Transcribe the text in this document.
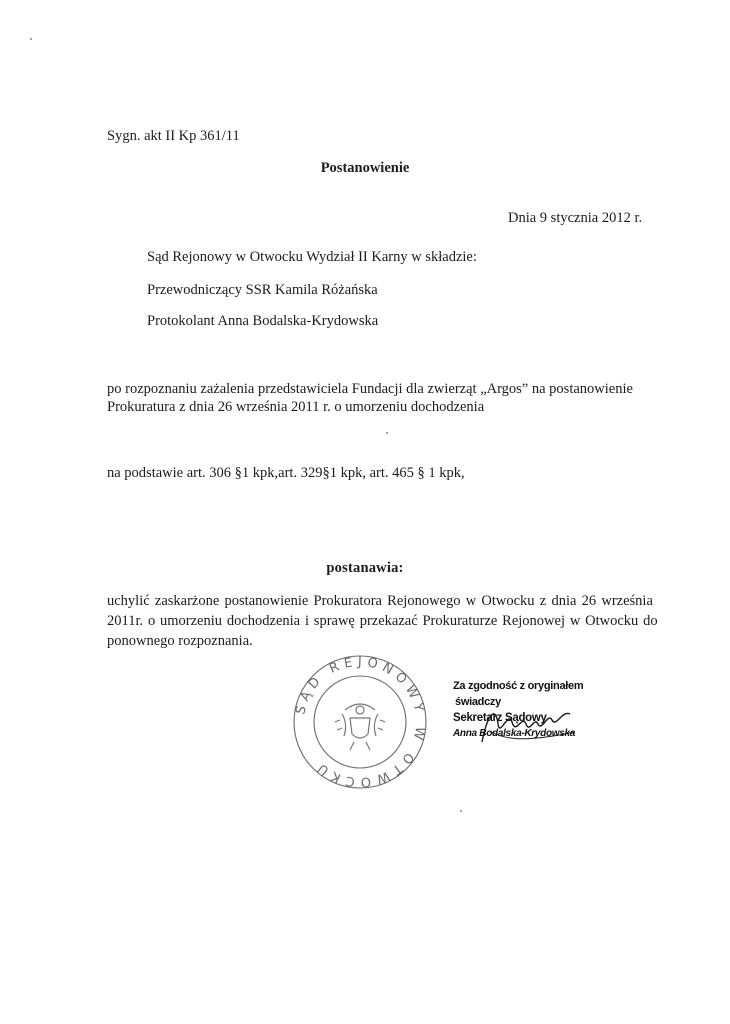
Sygn. akt II Kp 361/11
Postanowienie
Dnia 9 stycznia 2012 r.
Sąd Rejonowy w Otwocku Wydział II Karny w składzie:
Przewodniczący SSR Kamila Różańska
Protokolant Anna Bodalska-Krydowska
po rozpoznaniu zażalenia przedstawiciela Fundacji dla zwierząt „Argos” na postanowienie
Prokuratura z dnia 26 września 2011 r. o umorzeniu dochodzenia
na podstawie art. 306 §1 kpk,art. 329§1 kpk, art. 465 § 1 kpk,
postanawia:
uchylić zaskarżone postanowienie Prokuratora Rejonowego w Otwocku z dnia 26 września
2011r. o umorzeniu dochodzenia i sprawę przekazać Prokuraturze Rejonowej w Otwocku do
ponownego rozpoznania.
SĄD REJONOWY W OTWOCKU
Za zgodność z oryginałem
świadczy
Sekretarz Sądowy
Anna Bodalska-Krydowska
